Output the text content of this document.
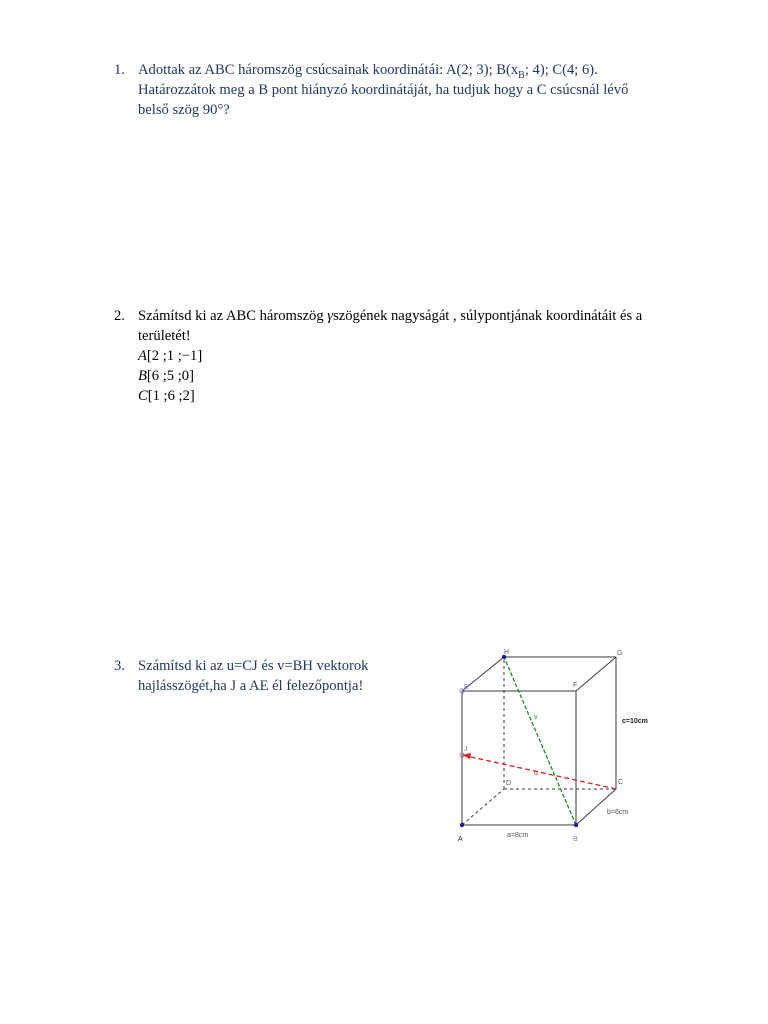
1. Adottak az ABC háromszög csúcsainak koordinátái: A(2; 3); $B(x_B$; 4); C(4; 6).
Határozzátok meg a B pont hiányzó koordinátáját, ha tudjuk hogy a C csúcsnál lévő
belső szög 90°?
2. Számítsd ki az ABC háromszög γszögének nagyságát , súlypontjának koordinátáit és a
területét!
A[2 ;1 ;−1]
B[6 ;5 ;0]
C[1 ;6 ;2]
3. Számítsd ki az u=CJ és v=BH vektorok
hajlásszögét,ha J a AE él felezőpontja!
A	B
C
D
E	F
G
H
J
v
u
a=8cm
b=6cm
c=10cm
